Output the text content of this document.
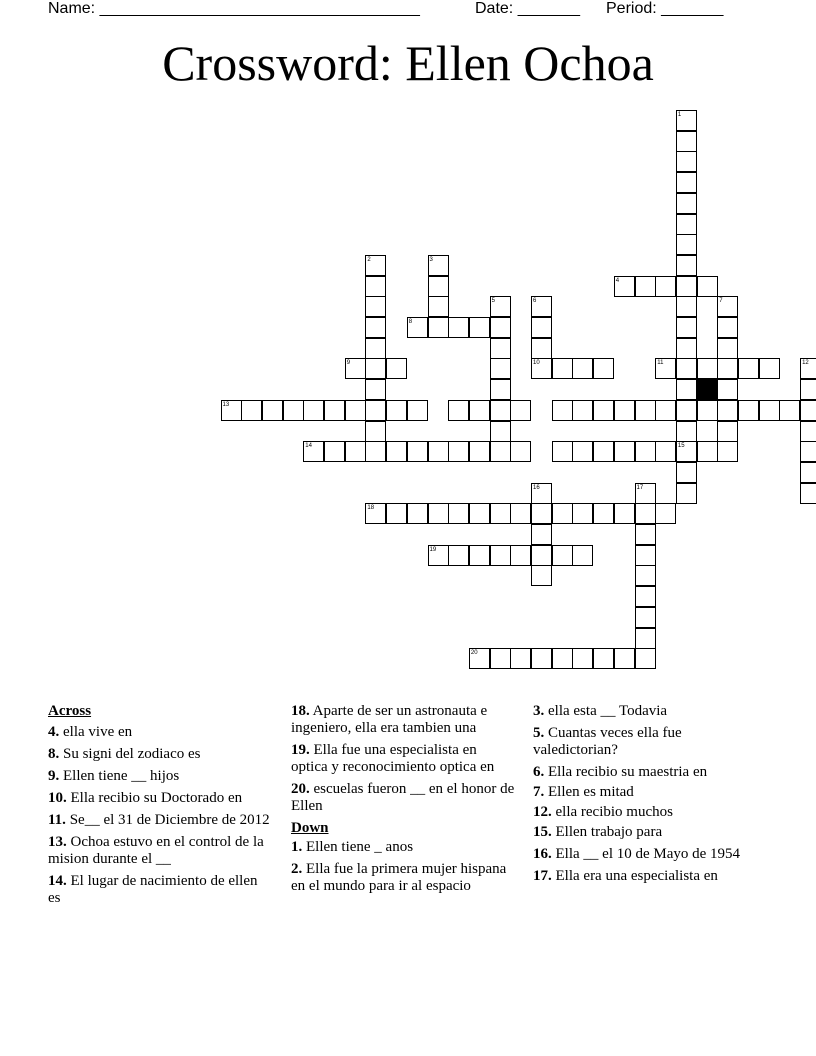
Name: ____________________________________	Date: _______ Period: _______
Crossword: Ellen Ochoa
1
2	3
4
5	6	7
8
9	10	11	12
13
14	15
16	17
18
19
20
Across
4. ella vive en
8. Su signi del zodiaco es
9. Ellen tiene __ hijos
10. Ella recibio su Doctorado en
11. Se__ el 31 de Diciembre de 2012
13. Ochoa estuvo en el control de la mision durante el __
14. El lugar de nacimiento de ellen es
18. Aparte de ser un astronauta e ingeniero, ella era tambien una
19. Ella fue una especialista en optica y reconocimiento optica en
20. escuelas fueron __ en el honor de Ellen
Down
1. Ellen tiene _ anos
2. Ella fue la primera mujer hispana en el mundo para ir al espacio
3. ella esta __ Todavia
5. Cuantas veces ella fue valedictorian?
6. Ella recibio su maestria en
7. Ellen es mitad
12. ella recibio muchos
15. Ellen trabajo para
16. Ella __ el 10 de Mayo de 1954
17. Ella era una especialista en
